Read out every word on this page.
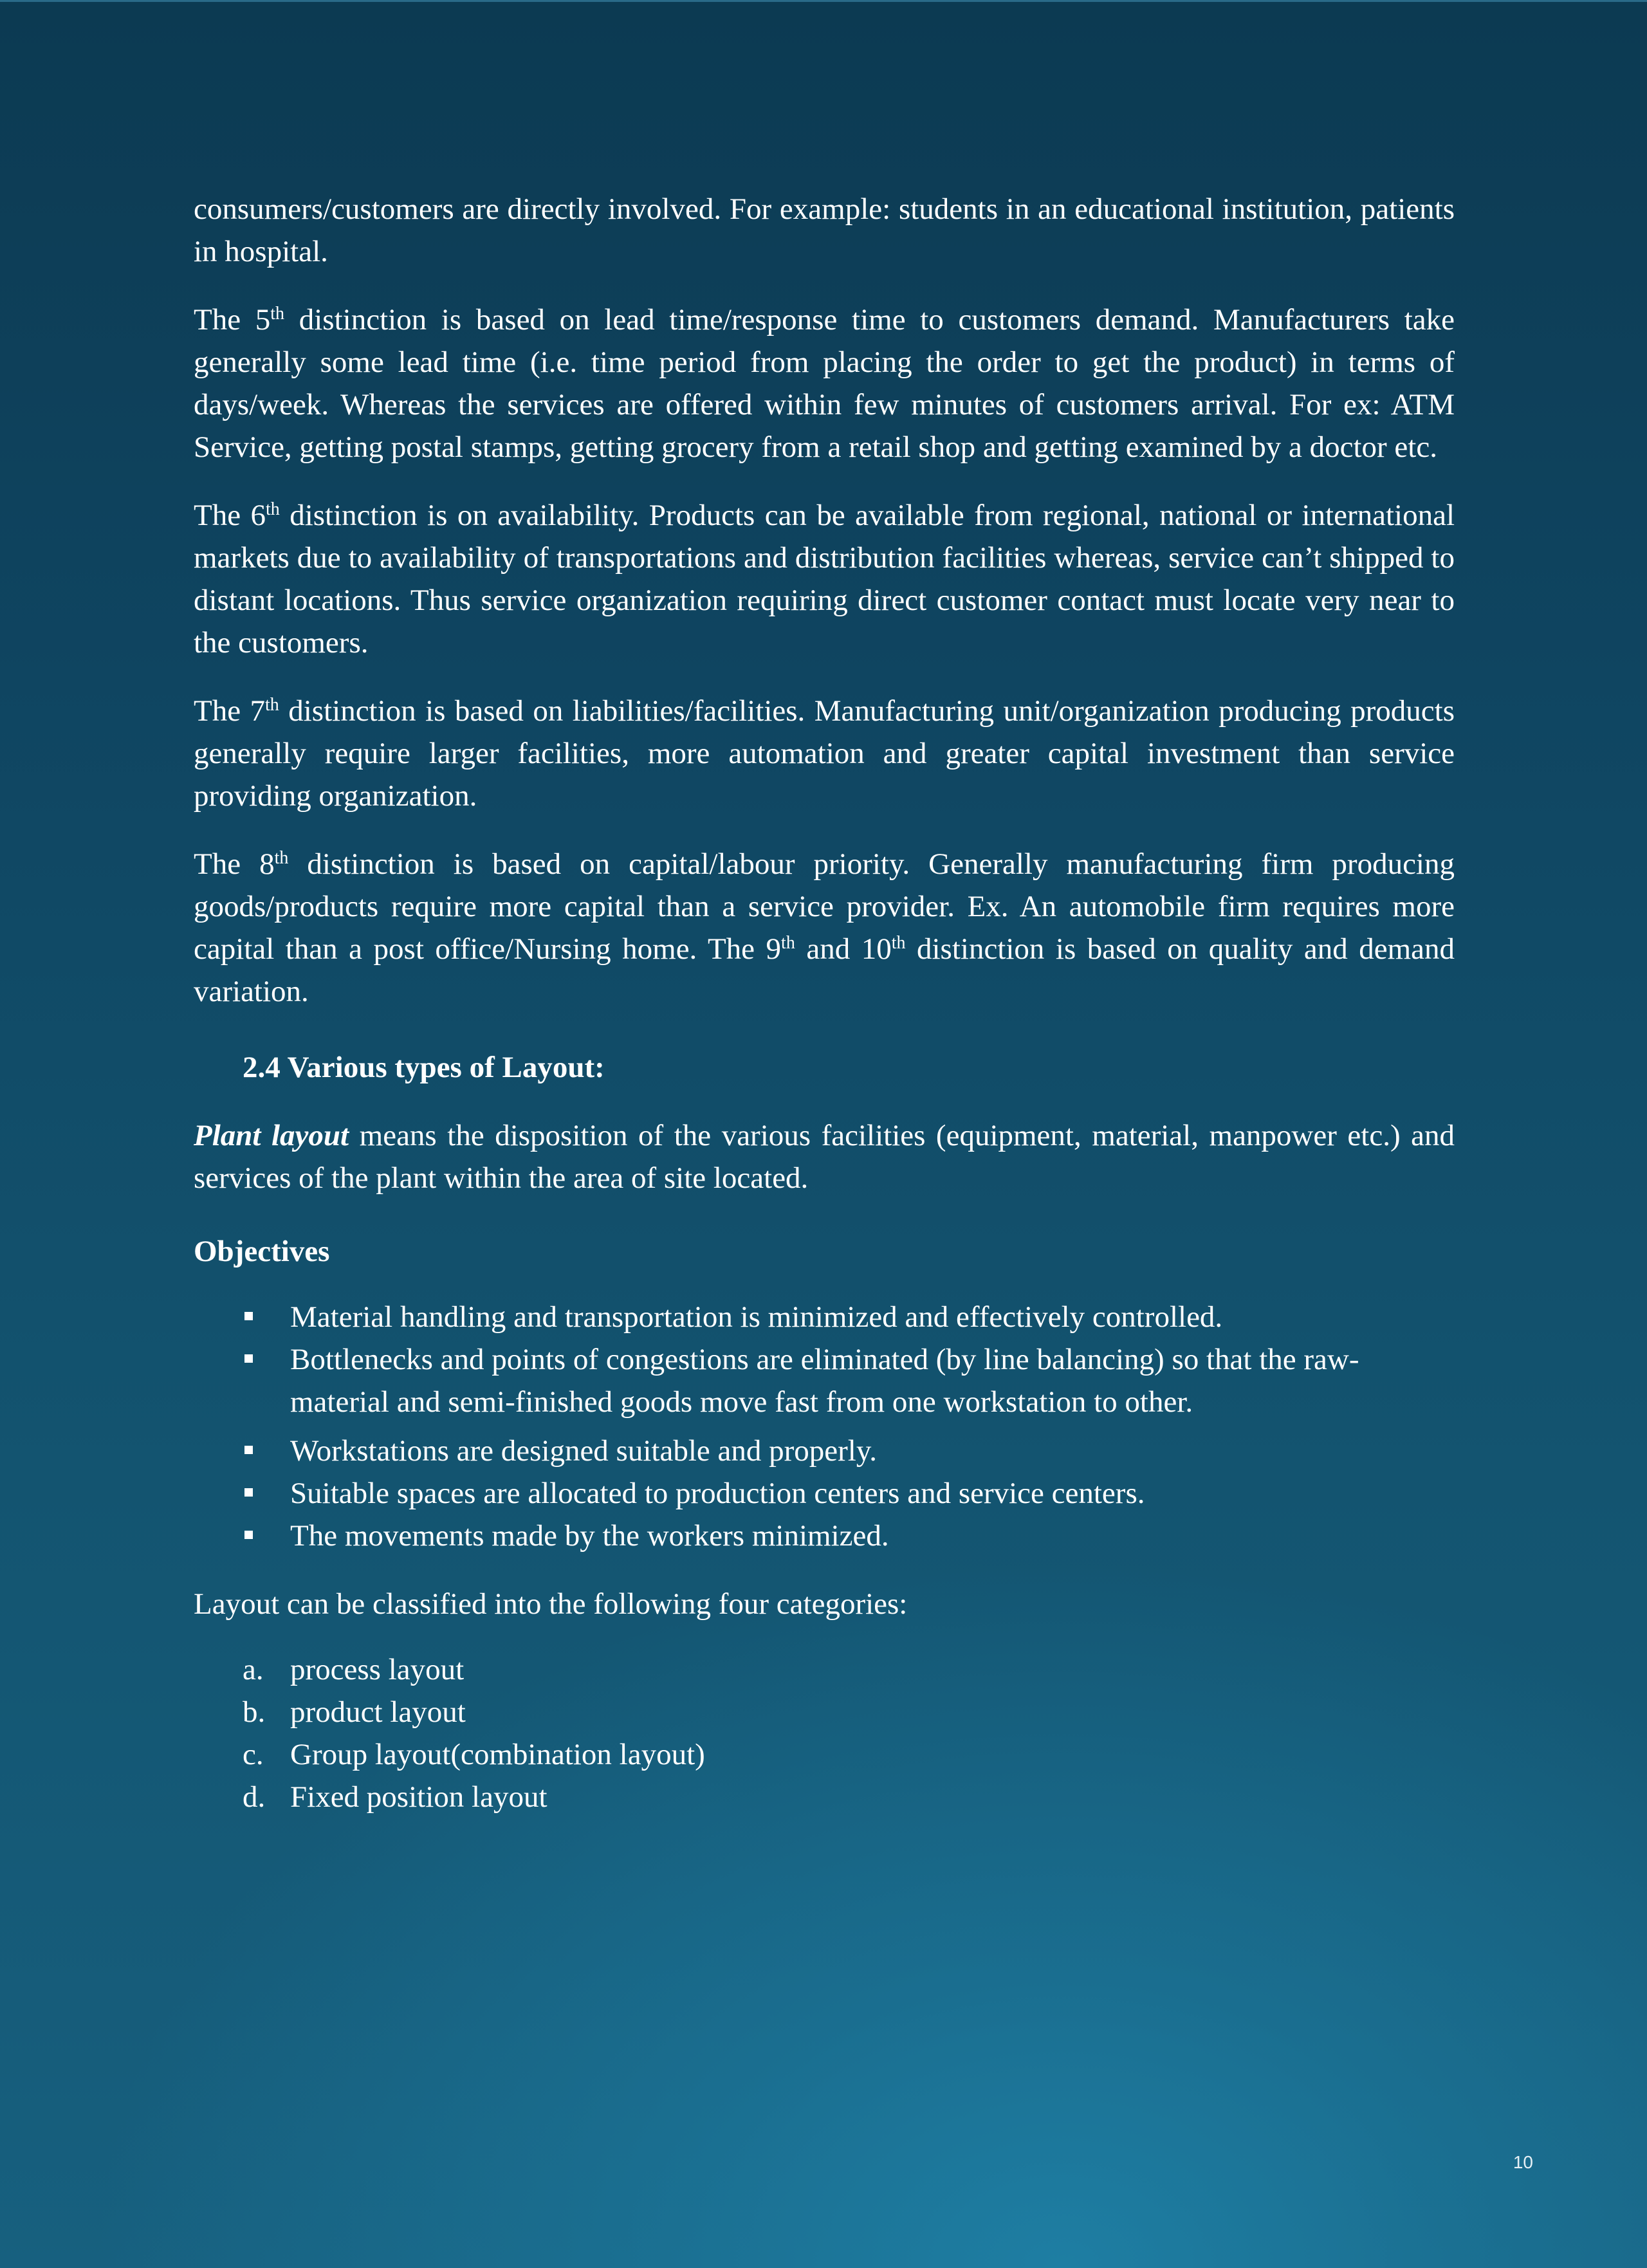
consumers/customers are directly involved. For example: students in an educational institution, patients in hospital.

The 5th distinction is based on lead time/response time to customers demand. Manufacturers take generally some lead time (i.e. time period from placing the order to get the product) in terms of days/week. Whereas the services are offered within few minutes of customers arrival. For ex: ATM Service, getting postal stamps, getting grocery from a retail shop and getting examined by a doctor etc.

The 6th distinction is on availability. Products can be available from regional, national or international markets due to availability of transportations and distribution facilities whereas, service can’t shipped to distant locations. Thus service organization requiring direct customer contact must locate very near to the customers.

The 7th distinction is based on liabilities/facilities. Manufacturing unit/organization producing products generally require larger facilities, more automation and greater capital investment than service providing organization.

The 8th distinction is based on capital/labour priority. Generally manufacturing firm producing goods/products require more capital than a service provider. Ex. An automobile firm requires more capital than a post office/Nursing home. The 9th and 10th distinction is based on quality and demand variation.

2.4 Various types of Layout:

Plant layout means the disposition of the various facilities (equipment, material, manpower etc.) and services of the plant within the area of site located.

Objectives
Material handling and transportation is minimized and effectively controlled.
Bottlenecks and points of congestions are eliminated (by line balancing) so that the raw-material and semi-finished goods move fast from one workstation to other.
Workstations are designed suitable and properly.
Suitable spaces are allocated to production centers and service centers.
The movements made by the workers minimized.

Layout can be classified into the following four categories:

a. process layout
b. product layout
c. Group layout(combination layout)
d. Fixed position layout
10
